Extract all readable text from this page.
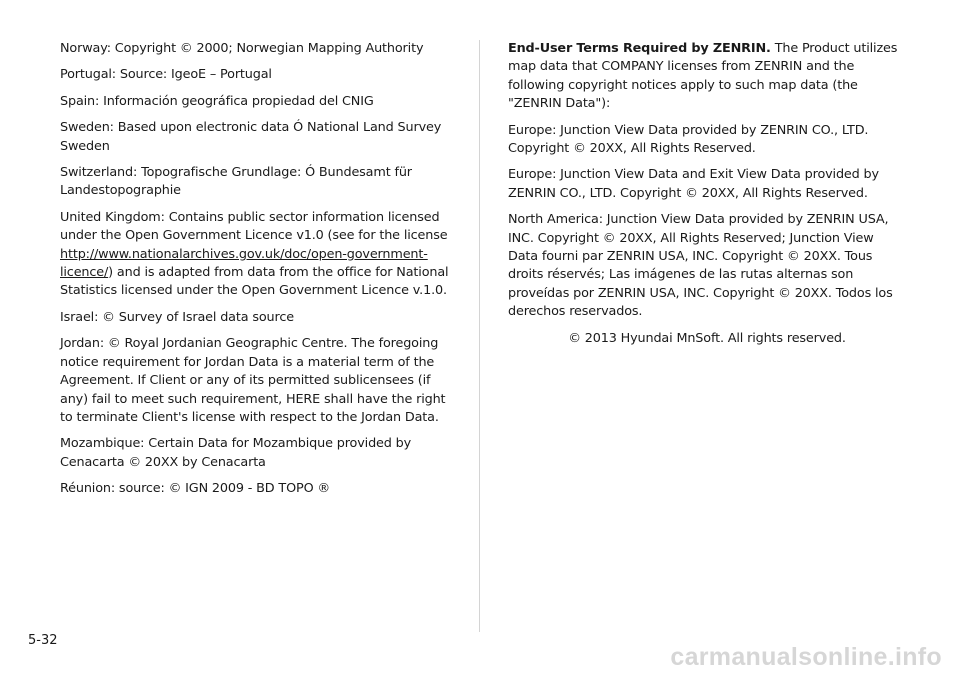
Norway: Copyright © 2000; Norwegian Mapping Authority

Portugal: Source: IgeoE – Portugal

Spain: Información geográfica propiedad del CNIG

Sweden: Based upon electronic data Ó National Land Survey Sweden

Switzerland: Topografische Grundlage: Ó Bundesamt für Landestopographie

United Kingdom: Contains public sector information licensed under the Open Government Licence v1.0 (see for the license http://www.nationalarchives.gov.uk/doc/open-government-licence/) and is adapted from data from the office for National Statistics licensed under the Open Government Licence v.1.0.

Israel: © Survey of Israel data source

Jordan: © Royal Jordanian Geographic Centre. The foregoing notice requirement for Jordan Data is a material term of the Agreement. If Client or any of its permitted sublicensees (if any) fail to meet such requirement, HERE shall have the right to terminate Client's license with respect to the Jordan Data.

Mozambique: Certain Data for Mozambique provided by Cenacarta © 20XX by Cenacarta

Réunion: source: © IGN 2009 - BD TOPO ®

End-User Terms Required by ZENRIN. The Product utilizes map data that COMPANY licenses from ZENRIN and the following copyright notices apply to such map data (the "ZENRIN Data"):

Europe: Junction View Data provided by ZENRIN CO., LTD. Copyright © 20XX, All Rights Reserved.

Europe: Junction View Data and Exit View Data provided by ZENRIN CO., LTD. Copyright © 20XX, All Rights Reserved.

North America: Junction View Data provided by ZENRIN USA, INC. Copyright © 20XX, All Rights Reserved; Junction View Data fourni par ZENRIN USA, INC. Copyright © 20XX. Tous droits réservés; Las imágenes de las rutas alternas son proveídas por ZENRIN USA, INC. Copyright © 20XX. Todos los derechos reservados.

© 2013 Hyundai MnSoft. All rights reserved.

5-32
carmanualsonline.info
